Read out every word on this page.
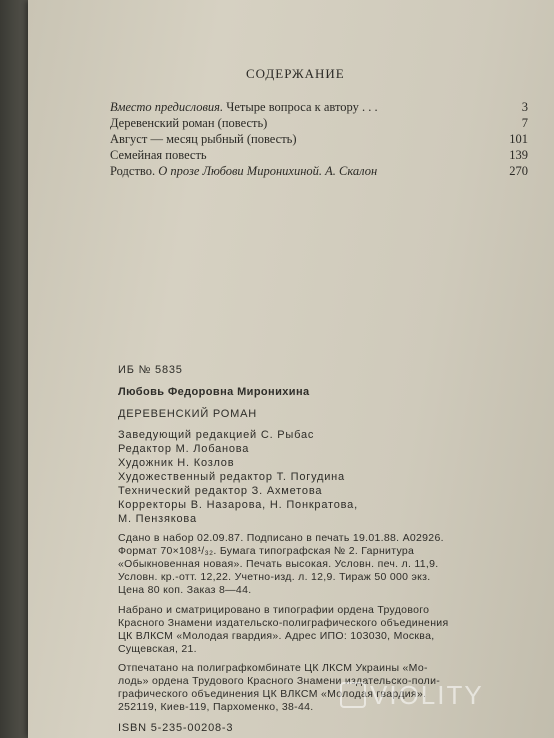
СОДЕРЖАНИЕ
Вместо предисловия. Четыре вопроса к автору . . .	3
Деревенский роман (повесть)	7
Август — месяц рыбный (повесть)	101
Семейная повесть	139
Родство. О прозе Любови Миронихиной. А. Скалон	270
ИБ № 5835
Любовь Федоровна Миронихина
ДЕРЕВЕНСКИЙ РОМАН
Заведующий редакцией С. Рыбас
Редактор М. Лобанова
Художник Н. Козлов
Художественный редактор Т. Погудина
Технический редактор З. Ахметова
Корректоры В. Назарова, Н. Понкратова,
М. Пензякова
Сдано в набор 02.09.87. Подписано в печать 19.01.88. А02926.
Формат 70×108¹/₃₂. Бумага типографская № 2. Гарнитура
«Обыкновенная новая». Печать высокая. Условн. печ. л. 11,9.
Условн. кр.-отт. 12,22. Учетно-изд. л. 12,9. Тираж 50 000 экз.
Цена 80 коп. Заказ 8—44.
Набрано и сматрицировано в типографии ордена Трудового
Красного Знамени издательско-полиграфического объединения
ЦК ВЛКСМ «Молодая гвардия». Адрес ИПО: 103030, Москва,
Сущевская, 21.
Отпечатано на полиграфкомбинате ЦК ЛКСМ Украины «Мо-
лодь» ордена Трудового Красного Знамени издательско-поли-
графического объединения ЦК ВЛКСМ «Молодая гвардия».
252119, Киев-119, Пархоменко, 38-44.
ISBN 5-235-00208-3
VIOLITY
